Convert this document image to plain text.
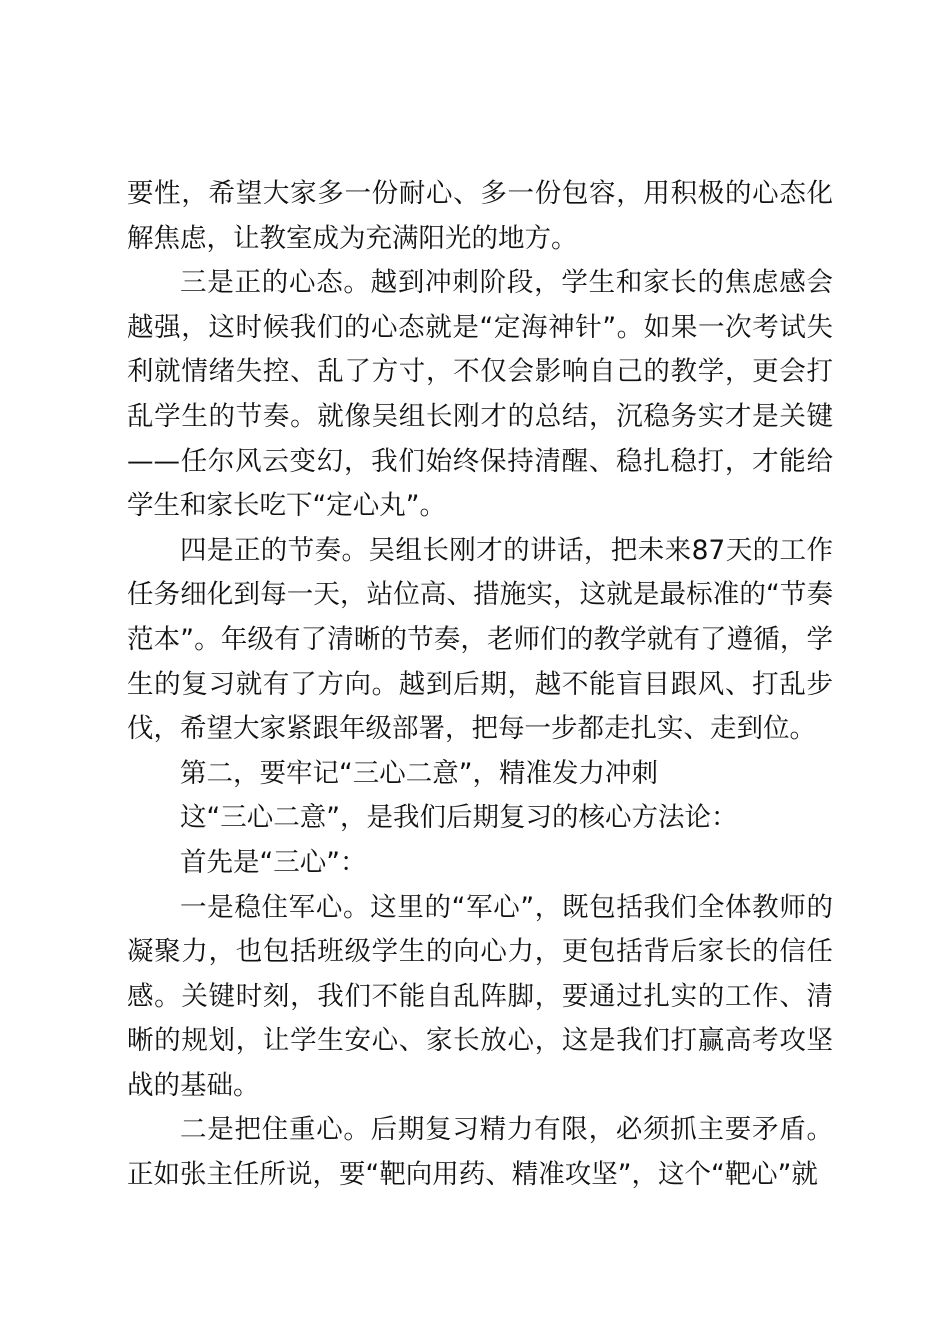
要性，希望大家多一份耐心、多一份包容，用积极的心态化解焦虑，让教室成为充满阳光的地方。

三是正的心态。越到冲刺阶段，学生和家长的焦虑感会越强，这时候我们的心态就是“定海神针”。如果一次考试失利就情绪失控、乱了方寸，不仅会影响自己的教学，更会打乱学生的节奏。就像吴组长刚才的总结，沉稳务实才是关键——任尔风云变幻，我们始终保持清醒、稳扎稳打，才能给学生和家长吃下“定心丸”。

四是正的节奏。吴组长刚才的讲话，把未来87天的工作任务细化到每一天，站位高、措施实，这就是最标准的“节奏范本”。年级有了清晰的节奏，老师们的教学就有了遵循，学生的复习就有了方向。越到后期，越不能盲目跟风、打乱步伐，希望大家紧跟年级部署，把每一步都走扎实、走到位。

第二，要牢记“三心二意”，精准发力冲刺

这“三心二意”，是我们后期复习的核心方法论：

首先是“三心”：

一是稳住军心。这里的“军心”，既包括我们全体教师的凝聚力，也包括班级学生的向心力，更包括背后家长的信任感。关键时刻，我们不能自乱阵脚，要通过扎实的工作、清晰的规划，让学生安心、家长放心，这是我们打赢高考攻坚战的基础。

二是把住重心。后期复习精力有限，必须抓主要矛盾。正如张主任所说，要“靶向用药、精准攻坚”，这个“靶心”就
